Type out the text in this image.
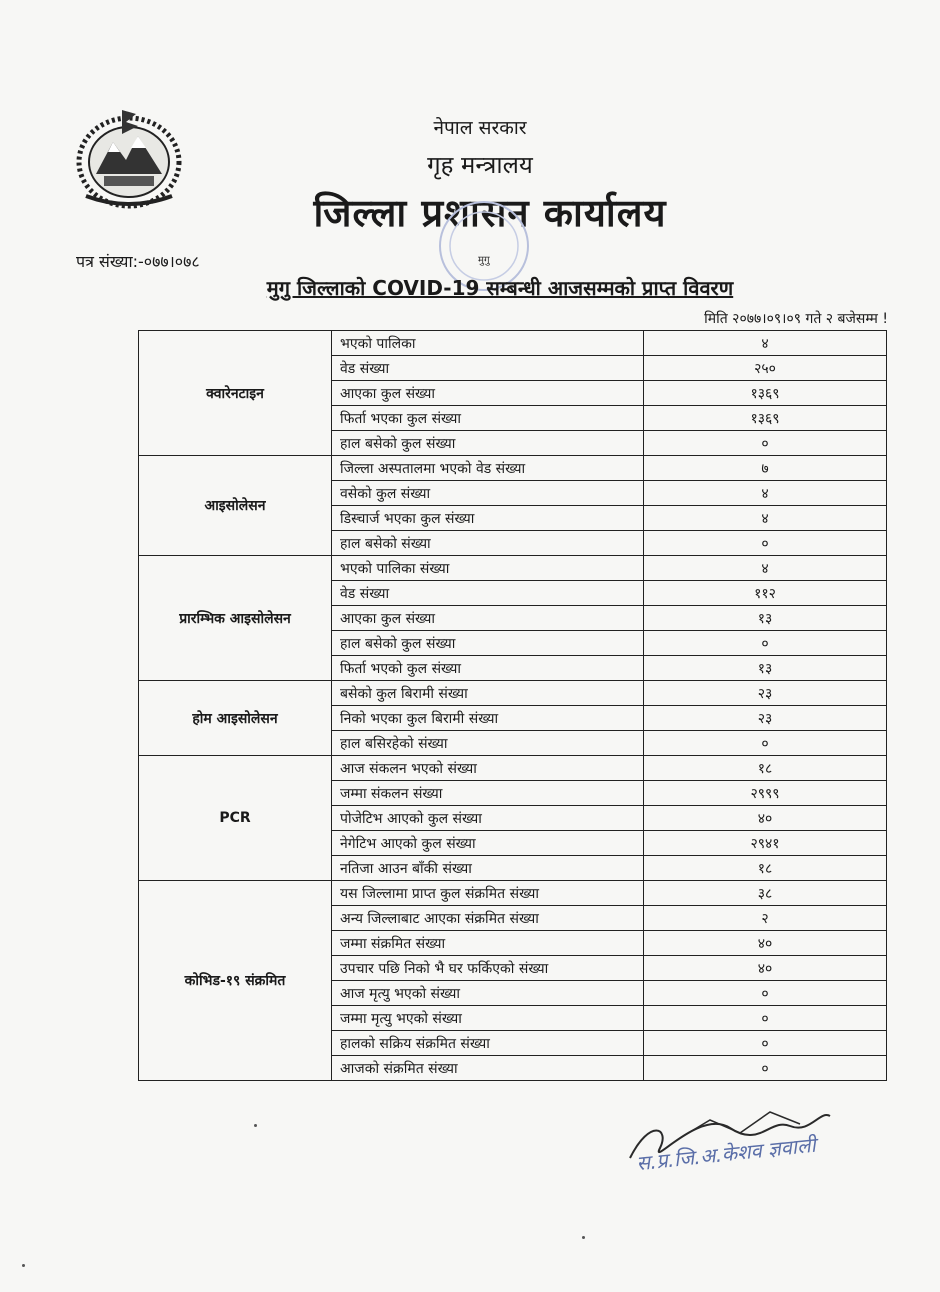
नेपाल सरकार
गृह मन्त्रालय
जिल्ला प्रशासन कार्यालय
मुगु
पत्र संख्या:-०७७।०७८
मुगु जिल्लाको COVID-19 सम्बन्धी आजसम्मको प्राप्त विवरण
मिति २०७७।०९।०९ गते २ बजेसम्म !
क्वारेनटाइन	भएको पालिका	४
	वेड संख्या	२५०
	आएका कुल संख्या	१३६९
	फिर्ता भएका कुल संख्या	१३६९
	हाल बसेको कुल संख्या	०
आइसोलेसन	जिल्ला अस्पतालमा भएको वेड संख्या	७
	वसेको कुल संख्या	४
	डिस्चार्ज भएका कुल संख्या	४
	हाल बसेको संख्या	०
प्रारम्भिक आइसोलेसन	भएको पालिका संख्या	४
	वेड संख्या	११२
	आएका कुल संख्या	१३
	हाल बसेको कुल संख्या	०
	फिर्ता भएको कुल संख्या	१३
होम आइसोलेसन	बसेको कुल बिरामी संख्या	२३
	निको भएका कुल बिरामी संख्या	२३
	हाल बसिरहेको संख्या	०
PCR	आज संकलन भएको संख्या	१८
	जम्मा संकलन संख्या	२९९९
	पोजेटिभ आएको कुल संख्या	४०
	नेगेटिभ आएको कुल संख्या	२९४१
	नतिजा आउन बाँकी संख्या	१८
कोभिड-१९ संक्रमित	यस जिल्लामा प्राप्त कुल संक्रमित संख्या	३८
	अन्य जिल्लाबाट आएका संक्रमित संख्या	२
	जम्मा संक्रमित संख्या	४०
	उपचार पछि निको भै घर फर्किएको संख्या	४०
	आज मृत्यु भएको संख्या	०
	जम्मा मृत्यु भएको संख्या	०
	हालको सक्रिय संक्रमित संख्या	०
	आजको संक्रमित संख्या	०
स.प्र.जि.अ.केशव ज्ञवाली
